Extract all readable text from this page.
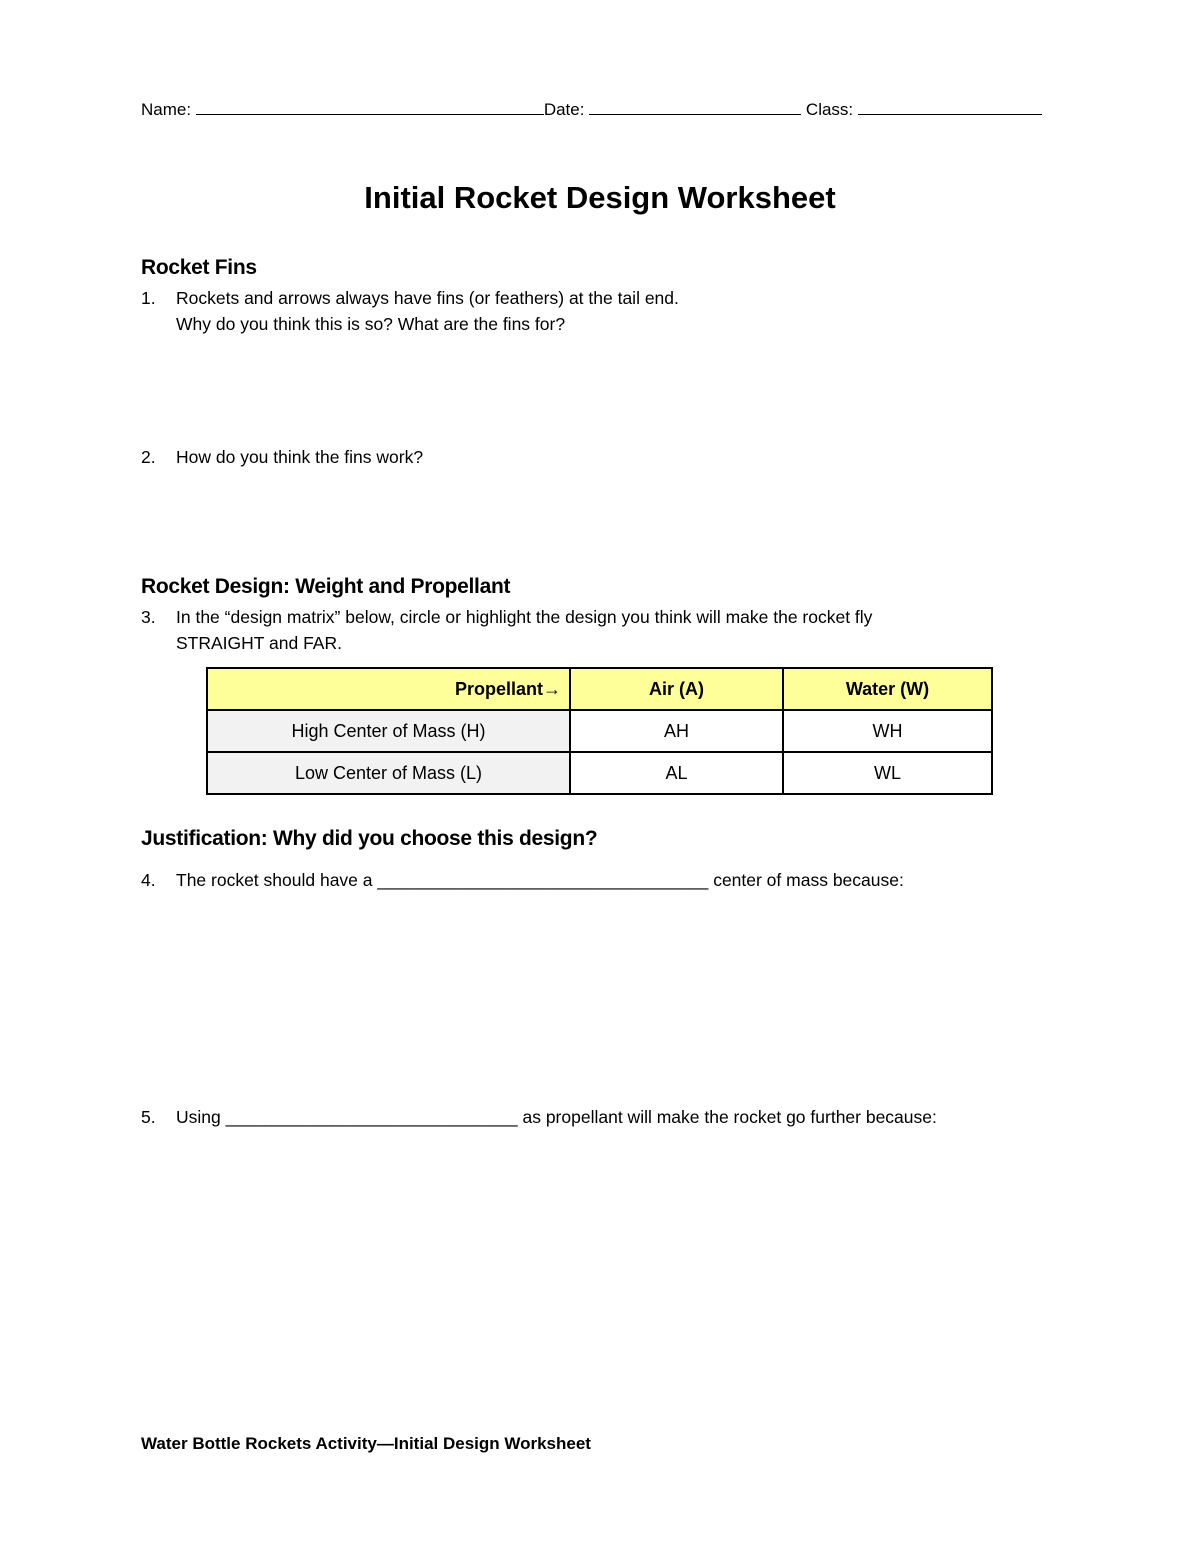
Name:	Date:	Class:
Initial Rocket Design Worksheet
Rocket Fins
1. Rockets and arrows always have fins (or feathers) at the tail end.
Why do you think this is so? What are the fins for?
2. How do you think the fins work?
Rocket Design: Weight and Propellant
3. In the “design matrix” below, circle or highlight the design you think will make the rocket fly
STRAIGHT and FAR.
Propellant→	Air (A)	Water (W)
High Center of Mass (H)	AH	WH
Low Center of Mass (L)	AL	WL
Justification: Why did you choose this design?
4. The rocket should have a __________________________________ center of mass because:
5. Using ______________________________ as propellant will make the rocket go further because:
Water Bottle Rockets Activity—Initial Design Worksheet
